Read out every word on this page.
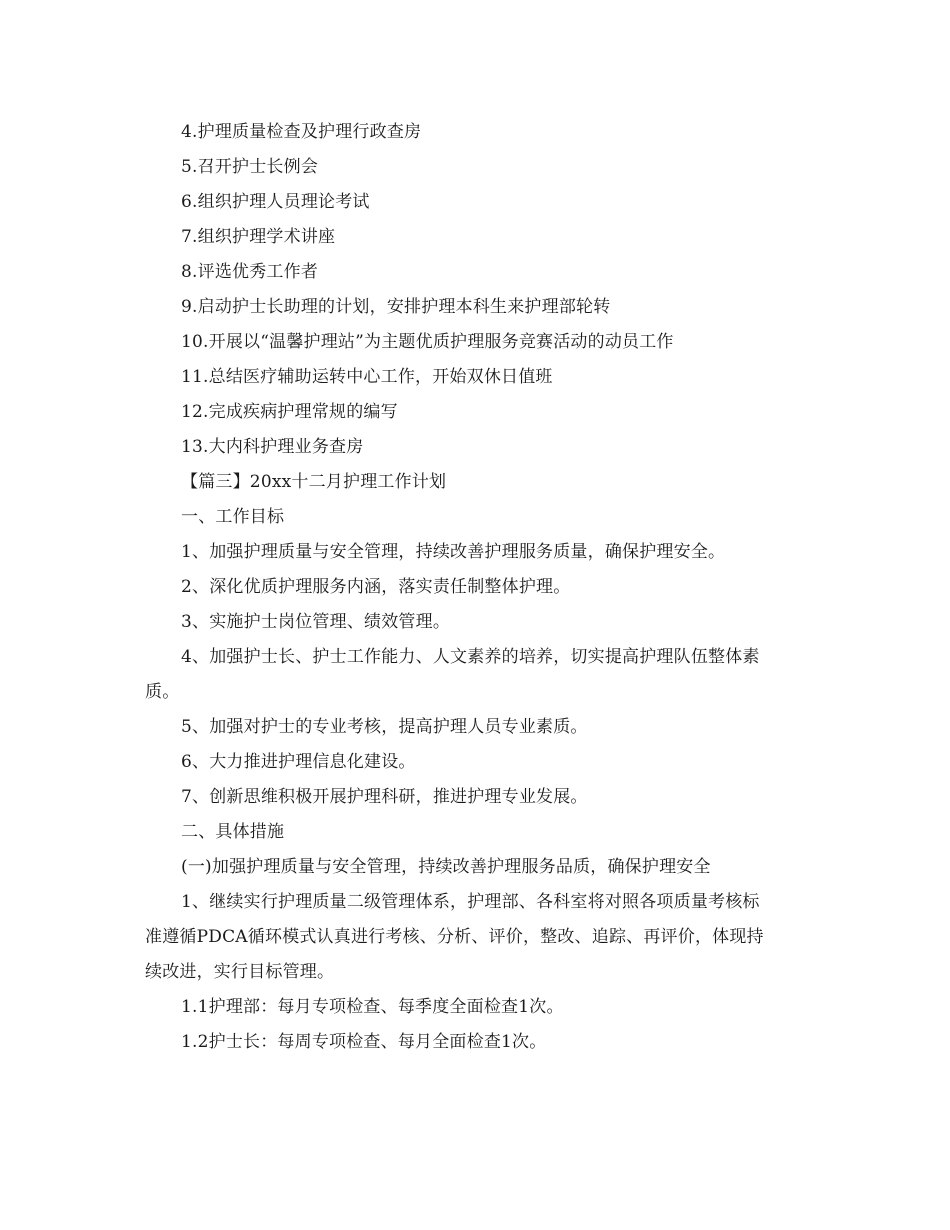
4.护理质量检查及护理行政查房
5.召开护士长例会
6.组织护理人员理论考试
7.组织护理学术讲座
8.评选优秀工作者
9.启动护士长助理的计划，安排护理本科生来护理部轮转
10.开展以“温馨护理站”为主题优质护理服务竞赛活动的动员工作
11.总结医疗辅助运转中心工作，开始双休日值班
12.完成疾病护理常规的编写
13.大内科护理业务查房
【篇三】20xx十二月护理工作计划
一、工作目标
1、加强护理质量与安全管理，持续改善护理服务质量，确保护理安全。
2、深化优质护理服务内涵，落实责任制整体护理。
3、实施护士岗位管理、绩效管理。
4、加强护士长、护士工作能力、人文素养的培养，切实提高护理队伍整体素
质。
5、加强对护士的专业考核，提高护理人员专业素质。
6、大力推进护理信息化建设。
7、创新思维积极开展护理科研，推进护理专业发展。
二、具体措施
(一)加强护理质量与安全管理，持续改善护理服务品质，确保护理安全
1、继续实行护理质量二级管理体系，护理部、各科室将对照各项质量考核标
准遵循PDCA循环模式认真进行考核、分析、评价，整改、追踪、再评价，体现持
续改进，实行目标管理。
1.1护理部：每月专项检查、每季度全面检查1次。
1.2护士长：每周专项检查、每月全面检查1次。
